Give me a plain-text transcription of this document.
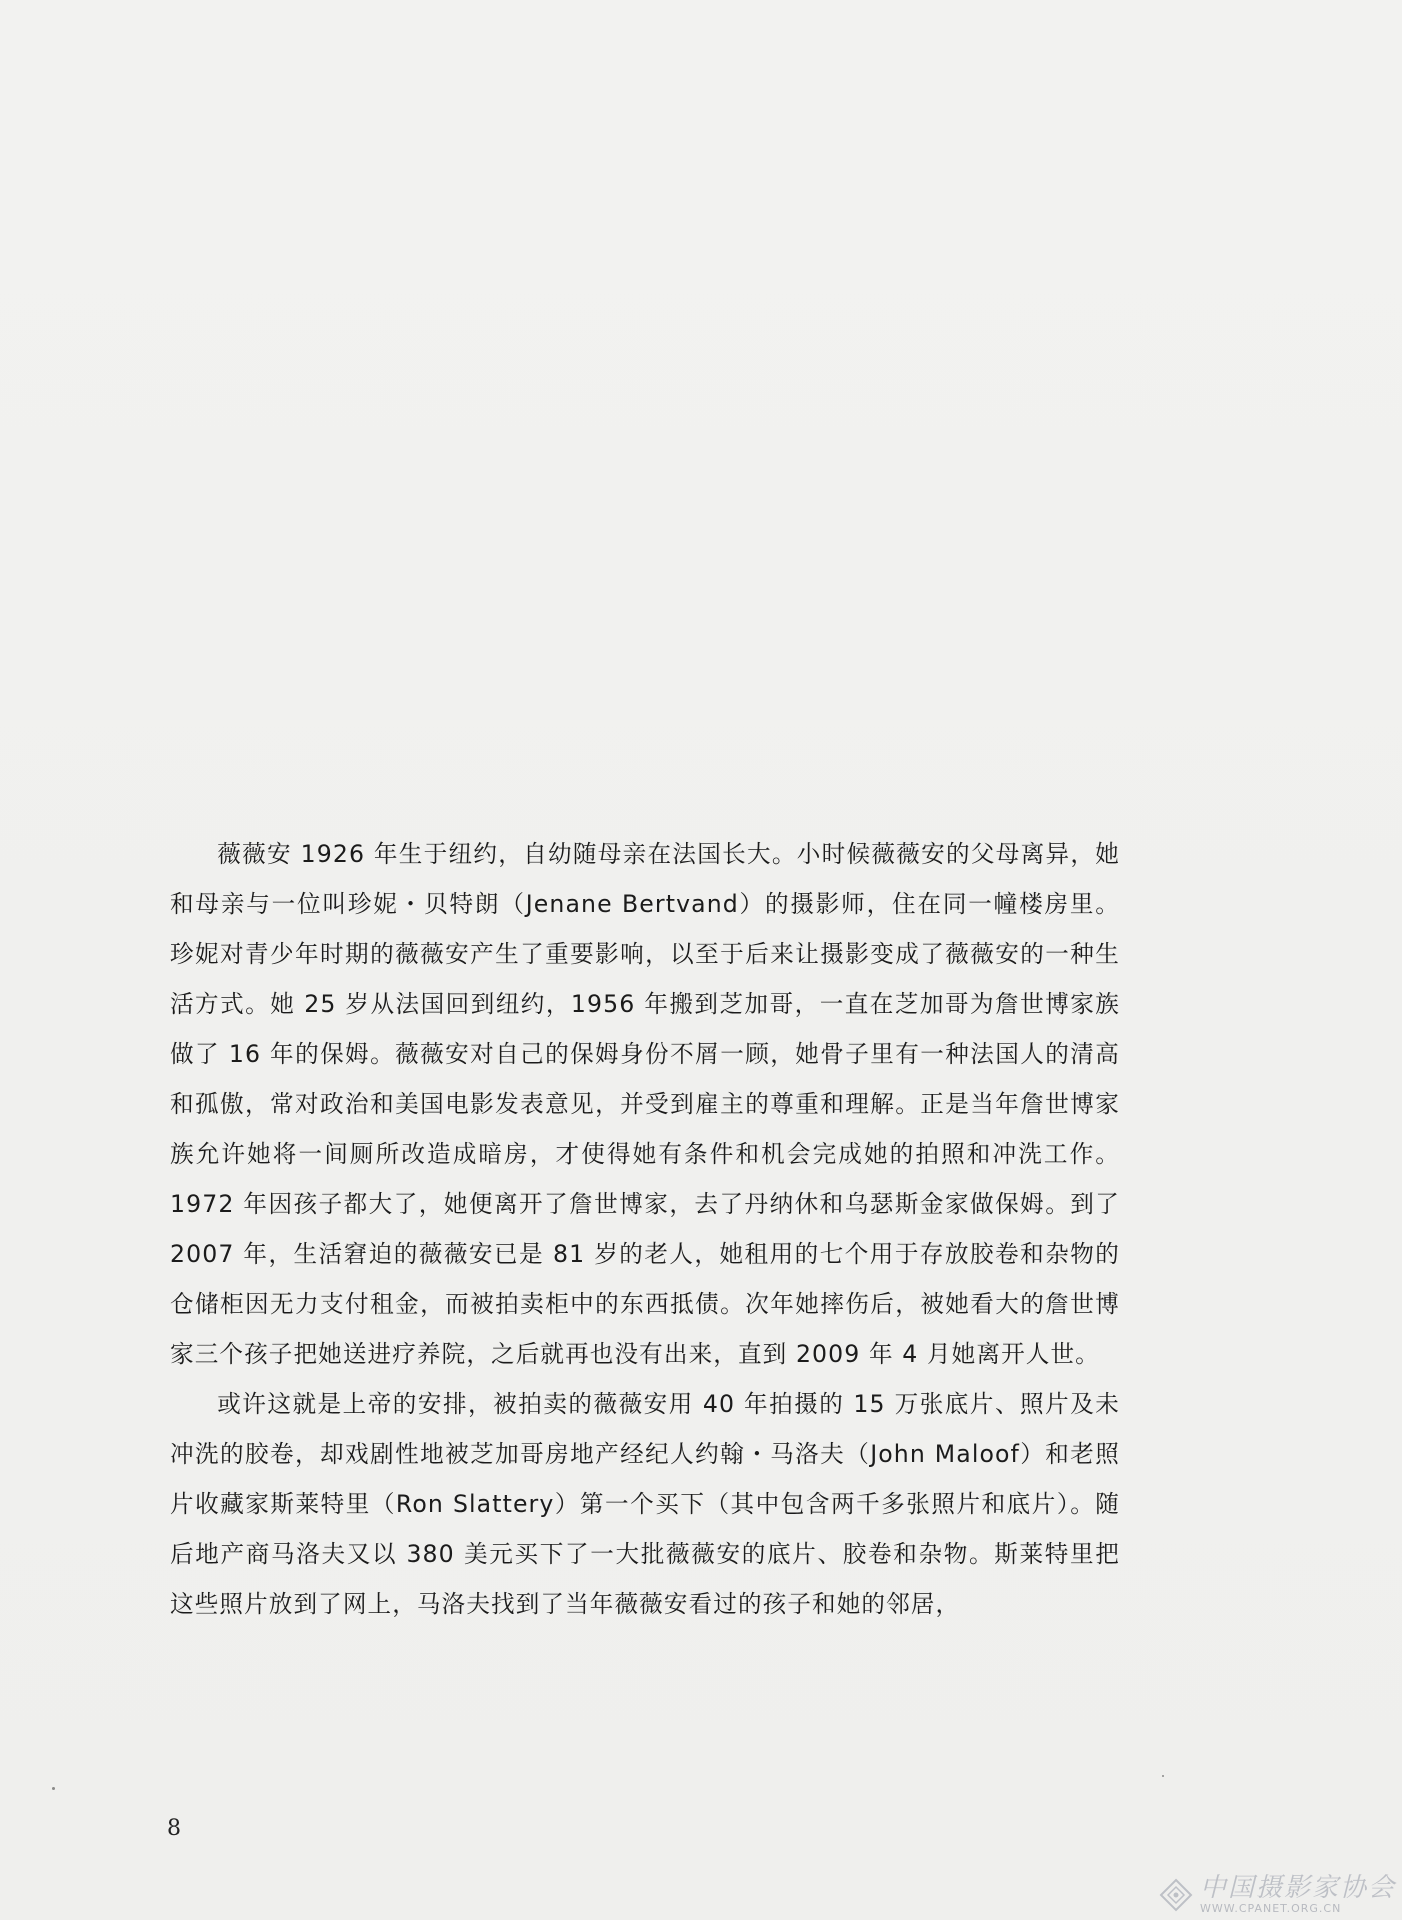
薇薇安 1926 年生于纽约，自幼随母亲在法国长大。小时候薇薇安的父母离异，她和母亲与一位叫珍妮・贝特朗（Jenane Bertvand）的摄影师，住在同一幢楼房里。珍妮对青少年时期的薇薇安产生了重要影响，以至于后来让摄影变成了薇薇安的一种生活方式。她 25 岁从法国回到纽约，1956 年搬到芝加哥，一直在芝加哥为詹世博家族做了 16 年的保姆。薇薇安对自己的保姆身份不屑一顾，她骨子里有一种法国人的清高和孤傲，常对政治和美国电影发表意见，并受到雇主的尊重和理解。正是当年詹世博家族允许她将一间厕所改造成暗房，才使得她有条件和机会完成她的拍照和冲洗工作。1972 年因孩子都大了，她便离开了詹世博家，去了丹纳休和乌瑟斯金家做保姆。到了 2007 年，生活窘迫的薇薇安已是 81 岁的老人，她租用的七个用于存放胶卷和杂物的仓储柜因无力支付租金，而被拍卖柜中的东西抵债。次年她摔伤后，被她看大的詹世博家三个孩子把她送进疗养院，之后就再也没有出来，直到 2009 年 4 月她离开人世。

或许这就是上帝的安排，被拍卖的薇薇安用 40 年拍摄的 15 万张底片、照片及未冲洗的胶卷，却戏剧性地被芝加哥房地产经纪人约翰・马洛夫（John Maloof）和老照片收藏家斯莱特里（Ron Slattery）第一个买下（其中包含两千多张照片和底片）。随后地产商马洛夫又以 380 美元买下了一大批薇薇安的底片、胶卷和杂物。斯莱特里把这些照片放到了网上，马洛夫找到了当年薇薇安看过的孩子和她的邻居，

8
中国摄影家协会
WWW.CPANET.ORG.CN
